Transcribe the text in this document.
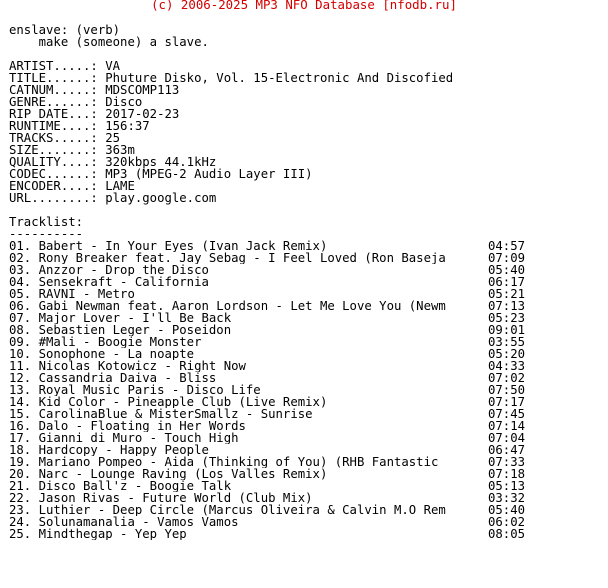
(c) 2006-2025 MP3 NFO Database [nfodb.ru]
enslave: (verb)
make (someone) a slave.
ARTIST.....: VA
TITLE......: Phuture Disko, Vol. 15-Electronic And Discofied
CATNUM.....: MDSCOMP113
GENRE......: Disco
RIP DATE...: 2017-02-23
RUNTIME....: 156:37
TRACKS.....: 25
SIZE.......: 363m
QUALITY....: 320kbps 44.1kHz
CODEC......: MP3 (MPEG-2 Audio Layer III)
ENCODER....: LAME
URL........: play.google.com
Tracklist:
----------
01. Babert - In Your Eyes (Ivan Jack Remix)	04:57
02. Rony Breaker feat. Jay Sebag - I Feel Loved (Ron Baseja	07:09
03. Anzzor - Drop the Disco	05:40
04. Sensekraft - California	06:17
05. RAVNI - Metro	05:21
06. Gabi Newman feat. Aaron Lordson - Let Me Love You (Newm	07:13
07. Major Lover - I'll Be Back	05:23
08. Sebastien Leger - Poseidon	09:01
09. #Mali - Boogie Monster	03:55
10. Sonophone - La noapte	05:20
11. Nicolas Kotowicz - Right Now	04:33
12. Cassandria Daiva - Bliss	07:02
13. Royal Music Paris - Disco Life	07:50
14. Kid Color - Pineapple Club (Live Remix)	07:17
15. CarolinaBlue & MisterSmallz - Sunrise	07:45
16. Dalo - Floating in Her Words	07:14
17. Gianni di Muro - Touch High	07:04
18. Hardcopy - Happy People	06:47
19. Mariano Pompeo - Aida (Thinking of You) (RHB Fantastic	07:33
20. Narc - Lounge Raving (Los Valles Remix)	07:18
21. Disco Ball'z - Boogie Talk	05:13
22. Jason Rivas - Future World (Club Mix)	03:32
23. Luthier - Deep Circle (Marcus Oliveira & Calvin M.O Rem	05:40
24. Solunamanalia - Vamos Vamos	06:02
25. Mindthegap - Yep Yep	08:05
